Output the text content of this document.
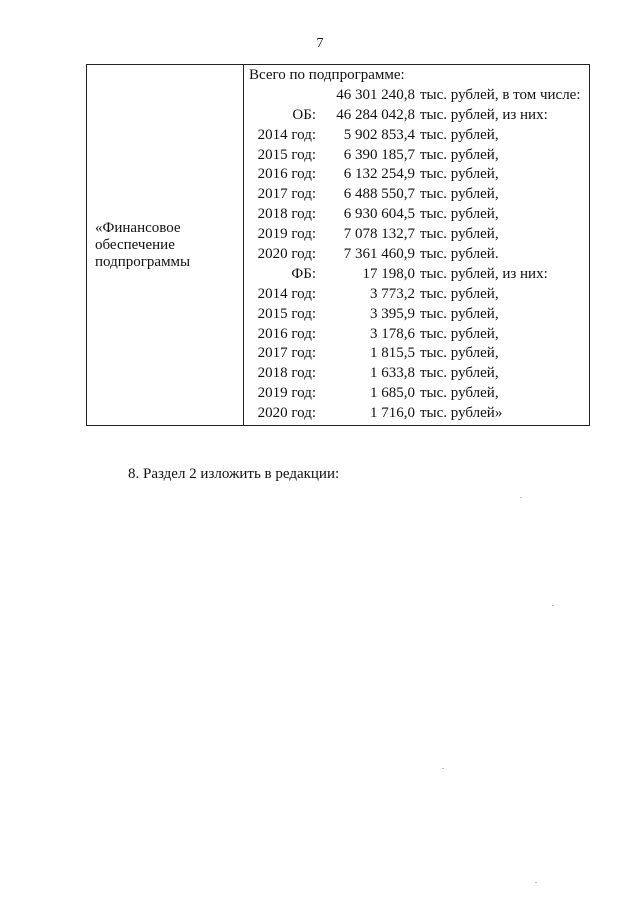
7
«Финансовое
обеспечение
подпрограммы
Всего по подпрограмме:
46 301 240,8 тыс. рублей, в том числе:
ОБ: 46 284 042,8 тыс. рублей, из них:
2014 год: 5 902 853,4 тыс. рублей,
2015 год: 6 390 185,7 тыс. рублей,
2016 год: 6 132 254,9 тыс. рублей,
2017 год: 6 488 550,7 тыс. рублей,
2018 год: 6 930 604,5 тыс. рублей,
2019 год: 7 078 132,7 тыс. рублей,
2020 год: 7 361 460,9 тыс. рублей.
ФБ:	17 198,0 тыс. рублей, из них:
2014 год:	3 773,2 тыс. рублей,
2015 год:	3 395,9 тыс. рублей,
2016 год:	3 178,6 тыс. рублей,
2017 год:	1 815,5 тыс. рублей,
2018 год:	1 633,8 тыс. рублей,
2019 год:	1 685,0 тыс. рублей,
2020 год:	1 716,0 тыс. рублей»
8. Раздел 2 изложить в редакции:
